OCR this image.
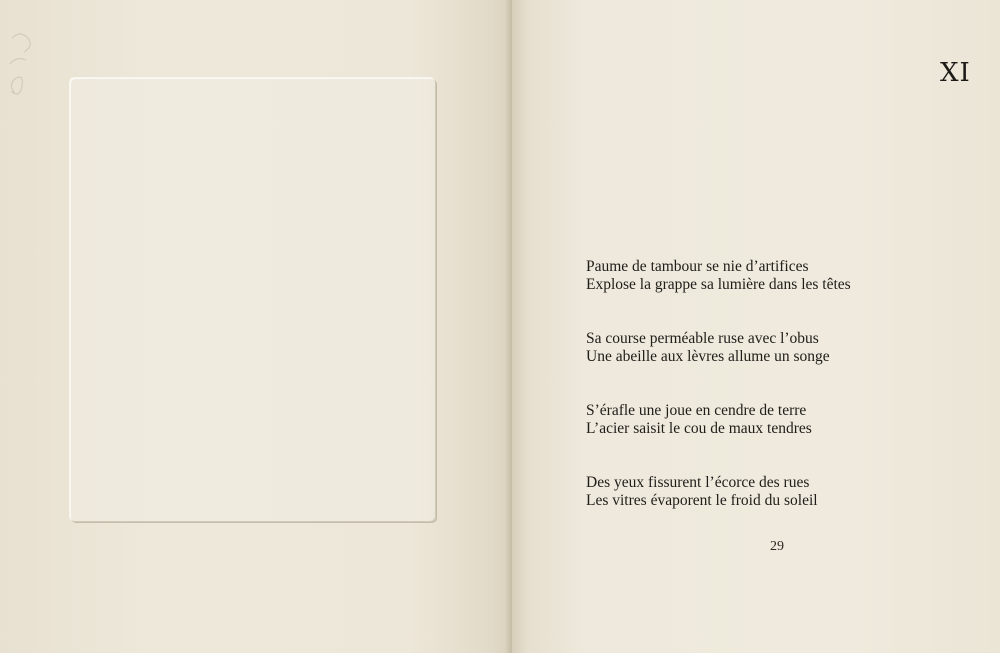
XI

Paume de tambour se nie d’artifices

Explose la grappe sa lumière dans les têtes

Sa course perméable ruse avec l’obus

Une abeille aux lèvres allume un songe

S’érafle une joue en cendre de terre

L’acier saisit le cou de maux tendres

Des yeux fissurent l’écorce des rues

Les vitres évaporent le froid du soleil

29
